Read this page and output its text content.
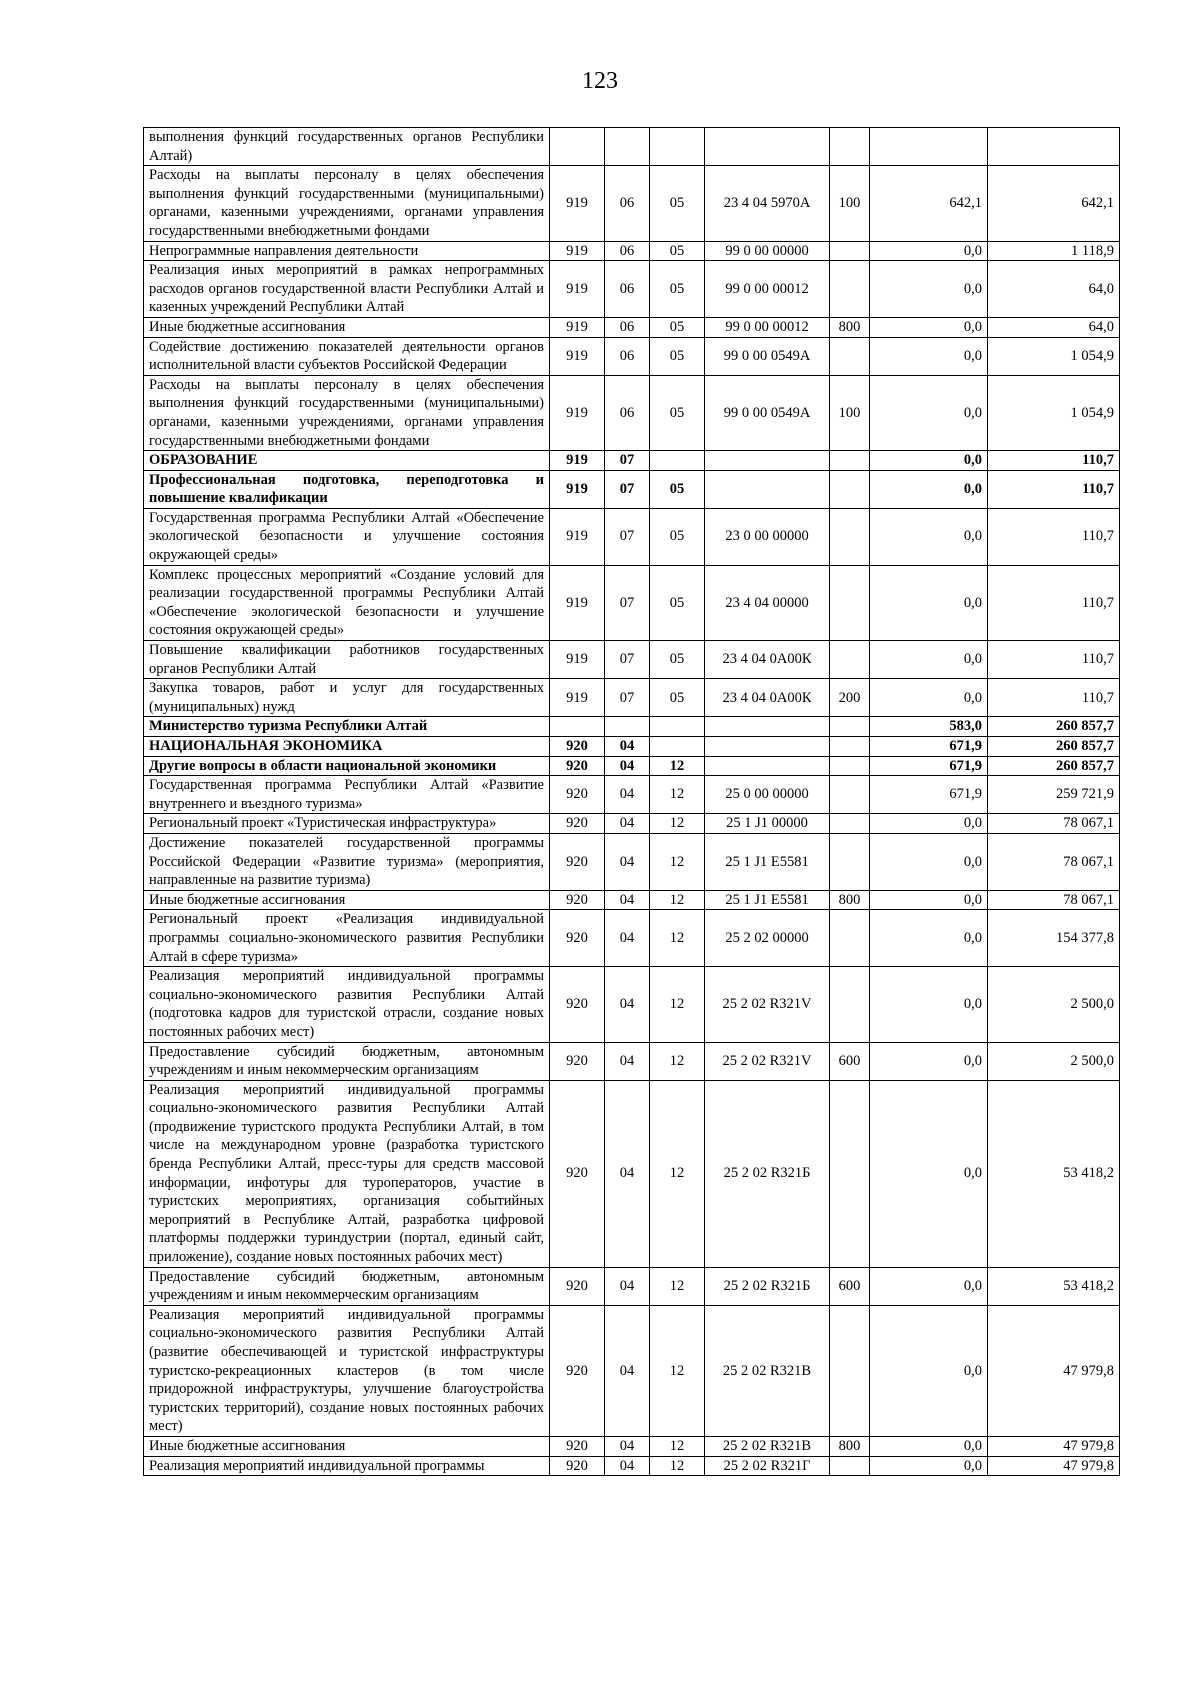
123
выполнения функций государственных органов Республики Алтай)							
Расходы на выплаты персоналу в целях обеспечения выполнения функций государственными (муниципальными) органами, казенными учреждениями, органами управления государственными внебюджетными фондами	919	06	05	23 4 04 5970А	100	642,1	642,1
Непрограммные направления деятельности	919	06	05	99 0 00 00000		0,0	1 118,9
Реализация иных мероприятий в рамках непрограммных расходов органов государственной власти Республики Алтай и казенных учреждений Республики Алтай	919	06	05	99 0 00 00012		0,0	64,0
Иные бюджетные ассигнования	919	06	05	99 0 00 00012	800	0,0	64,0
Содействие достижению показателей деятельности органов исполнительной власти субъектов Российской Федерации	919	06	05	99 0 00 0549А		0,0	1 054,9
Расходы на выплаты персоналу в целях обеспечения выполнения функций государственными (муниципальными) органами, казенными учреждениями, органами управления государственными внебюджетными фондами	919	06	05	99 0 00 0549А	100	0,0	1 054,9
ОБРАЗОВАНИЕ	919	07				0,0	110,7
Профессиональная подготовка, переподготовка и повышение квалификации	919	07	05			0,0	110,7
Государственная программа Республики Алтай «Обеспечение экологической безопасности и улучшение состояния окружающей среды»	919	07	05	23 0 00 00000		0,0	110,7
Комплекс процессных мероприятий «Создание условий для реализации государственной программы Республики Алтай «Обеспечение экологической безопасности и улучшение состояния окружающей среды»	919	07	05	23 4 04 00000		0,0	110,7
Повышение квалификации работников государственных органов Республики Алтай	919	07	05	23 4 04 0А00К		0,0	110,7
Закупка товаров, работ и услуг для государственных (муниципальных) нужд	919	07	05	23 4 04 0А00К	200	0,0	110,7
Министерство туризма Республики Алтай						583,0	260 857,7
НАЦИОНАЛЬНАЯ ЭКОНОМИКА	920	04				671,9	260 857,7
Другие вопросы в области национальной экономики	920	04	12			671,9	260 857,7
Государственная программа Республики Алтай «Развитие внутреннего и въездного туризма»	920	04	12	25 0 00 00000		671,9	259 721,9
Региональный проект «Туристическая инфраструктура»	920	04	12	25 1 J1 00000		0,0	78 067,1
Достижение показателей государственной программы Российской Федерации «Развитие туризма» (мероприятия, направленные на развитие туризма)	920	04	12	25 1 J1 E5581		0,0	78 067,1
Иные бюджетные ассигнования	920	04	12	25 1 J1 E5581	800	0,0	78 067,1
Региональный проект «Реализация индивидуальной программы социально-экономического развития Республики Алтай в сфере туризма»	920	04	12	25 2 02 00000		0,0	154 377,8
Реализация мероприятий индивидуальной программы социально-экономического развития Республики Алтай (подготовка кадров для туристской отрасли, создание новых постоянных рабочих мест)	920	04	12	25 2 02 R321V		0,0	2 500,0
Предоставление субсидий бюджетным, автономным учреждениям и иным некоммерческим организациям	920	04	12	25 2 02 R321V	600	0,0	2 500,0
Реализация мероприятий индивидуальной программы социально-экономического развития Республики Алтай (продвижение туристского продукта Республики Алтай, в том числе на международном уровне (разработка туристского бренда Республики Алтай, пресс-туры для средств массовой информации, инфотуры для туроператоров, участие в туристских мероприятиях, организация событийных мероприятий в Республике Алтай, разработка цифровой платформы поддержки туриндустрии (портал, единый сайт, приложение), создание новых постоянных рабочих мест)	920	04	12	25 2 02 R321Б		0,0	53 418,2
Предоставление субсидий бюджетным, автономным учреждениям и иным некоммерческим организациям	920	04	12	25 2 02 R321Б	600	0,0	53 418,2
Реализация мероприятий индивидуальной программы социально-экономического развития Республики Алтай (развитие обеспечивающей и туристской инфраструктуры туристско-рекреационных кластеров (в том числе придорожной инфраструктуры, улучшение благоустройства туристских территорий), создание новых постоянных рабочих мест)	920	04	12	25 2 02 R321В		0,0	47 979,8
Иные бюджетные ассигнования	920	04	12	25 2 02 R321В	800	0,0	47 979,8
Реализация мероприятий индивидуальной программы	920	04	12	25 2 02 R321Г		0,0	47 979,8
